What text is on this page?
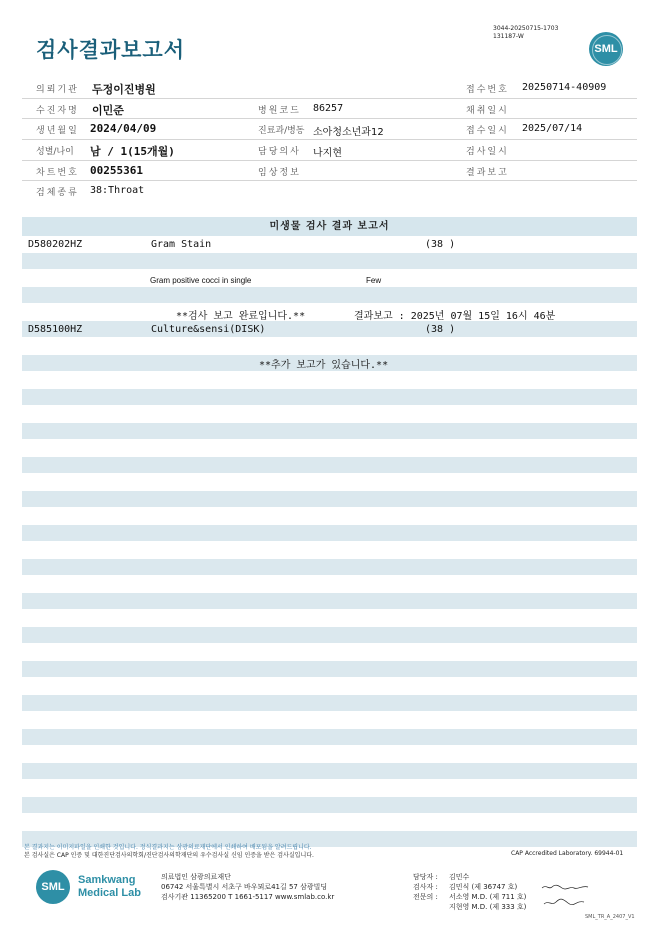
검사결과보고서
3044-20250715-1703
131187-W
SML
의뢰기관 두정이진병원	접수번호 20250714-40909
수진자명 이민준	병원코드 86257	채취일시
생년월일 2024/04/09	진료과/병동 소아청소년과12	접수일시 2025/07/14
성별/나이 남 / 1(15개월)	담당의사 나지현	검사일시
차트번호 00255361	임상정보	결과보고
검체종류 38:Throat
미생물 검사 결과 보고서
D580202HZ	Gram Stain	(38 )
Gram positive cocci in single	Few
**검사 보고 완료입니다.**	결과보고 : 2025년 07월 15일 16시 46분
D585100HZ	Culture&sensi(DISK)	(38 )
**추가 보고가 있습니다.**
본 결과지는 이미지파일을 인쇄한 것입니다. 정식결과지는 삼광의료재단에서 인쇄하여 배포됨을 알려드립니다.
본 검사실은 CAP 인증 및 대한진단검사의학회/진단검사의학재단의 우수검사실 신임 인증을 받은 검사실입니다.	CAP Accredited Laboratory. 69944-01
SML
Samkwang
Medical Lab
의료법인 삼광의료재단
06742 서울특별시 서초구 바우뫼로41길 57 삼광빌딩
검사기관 11365200 T 1661-5117 www.smlab.co.kr
담당자 :	김민수
검사자 :	김민식 (제 36747 호)
전문의 :	서소영 M.D. (제 711 호)
지현영 M.D. (제 333 호)
SML_TR_A_2407_V1
